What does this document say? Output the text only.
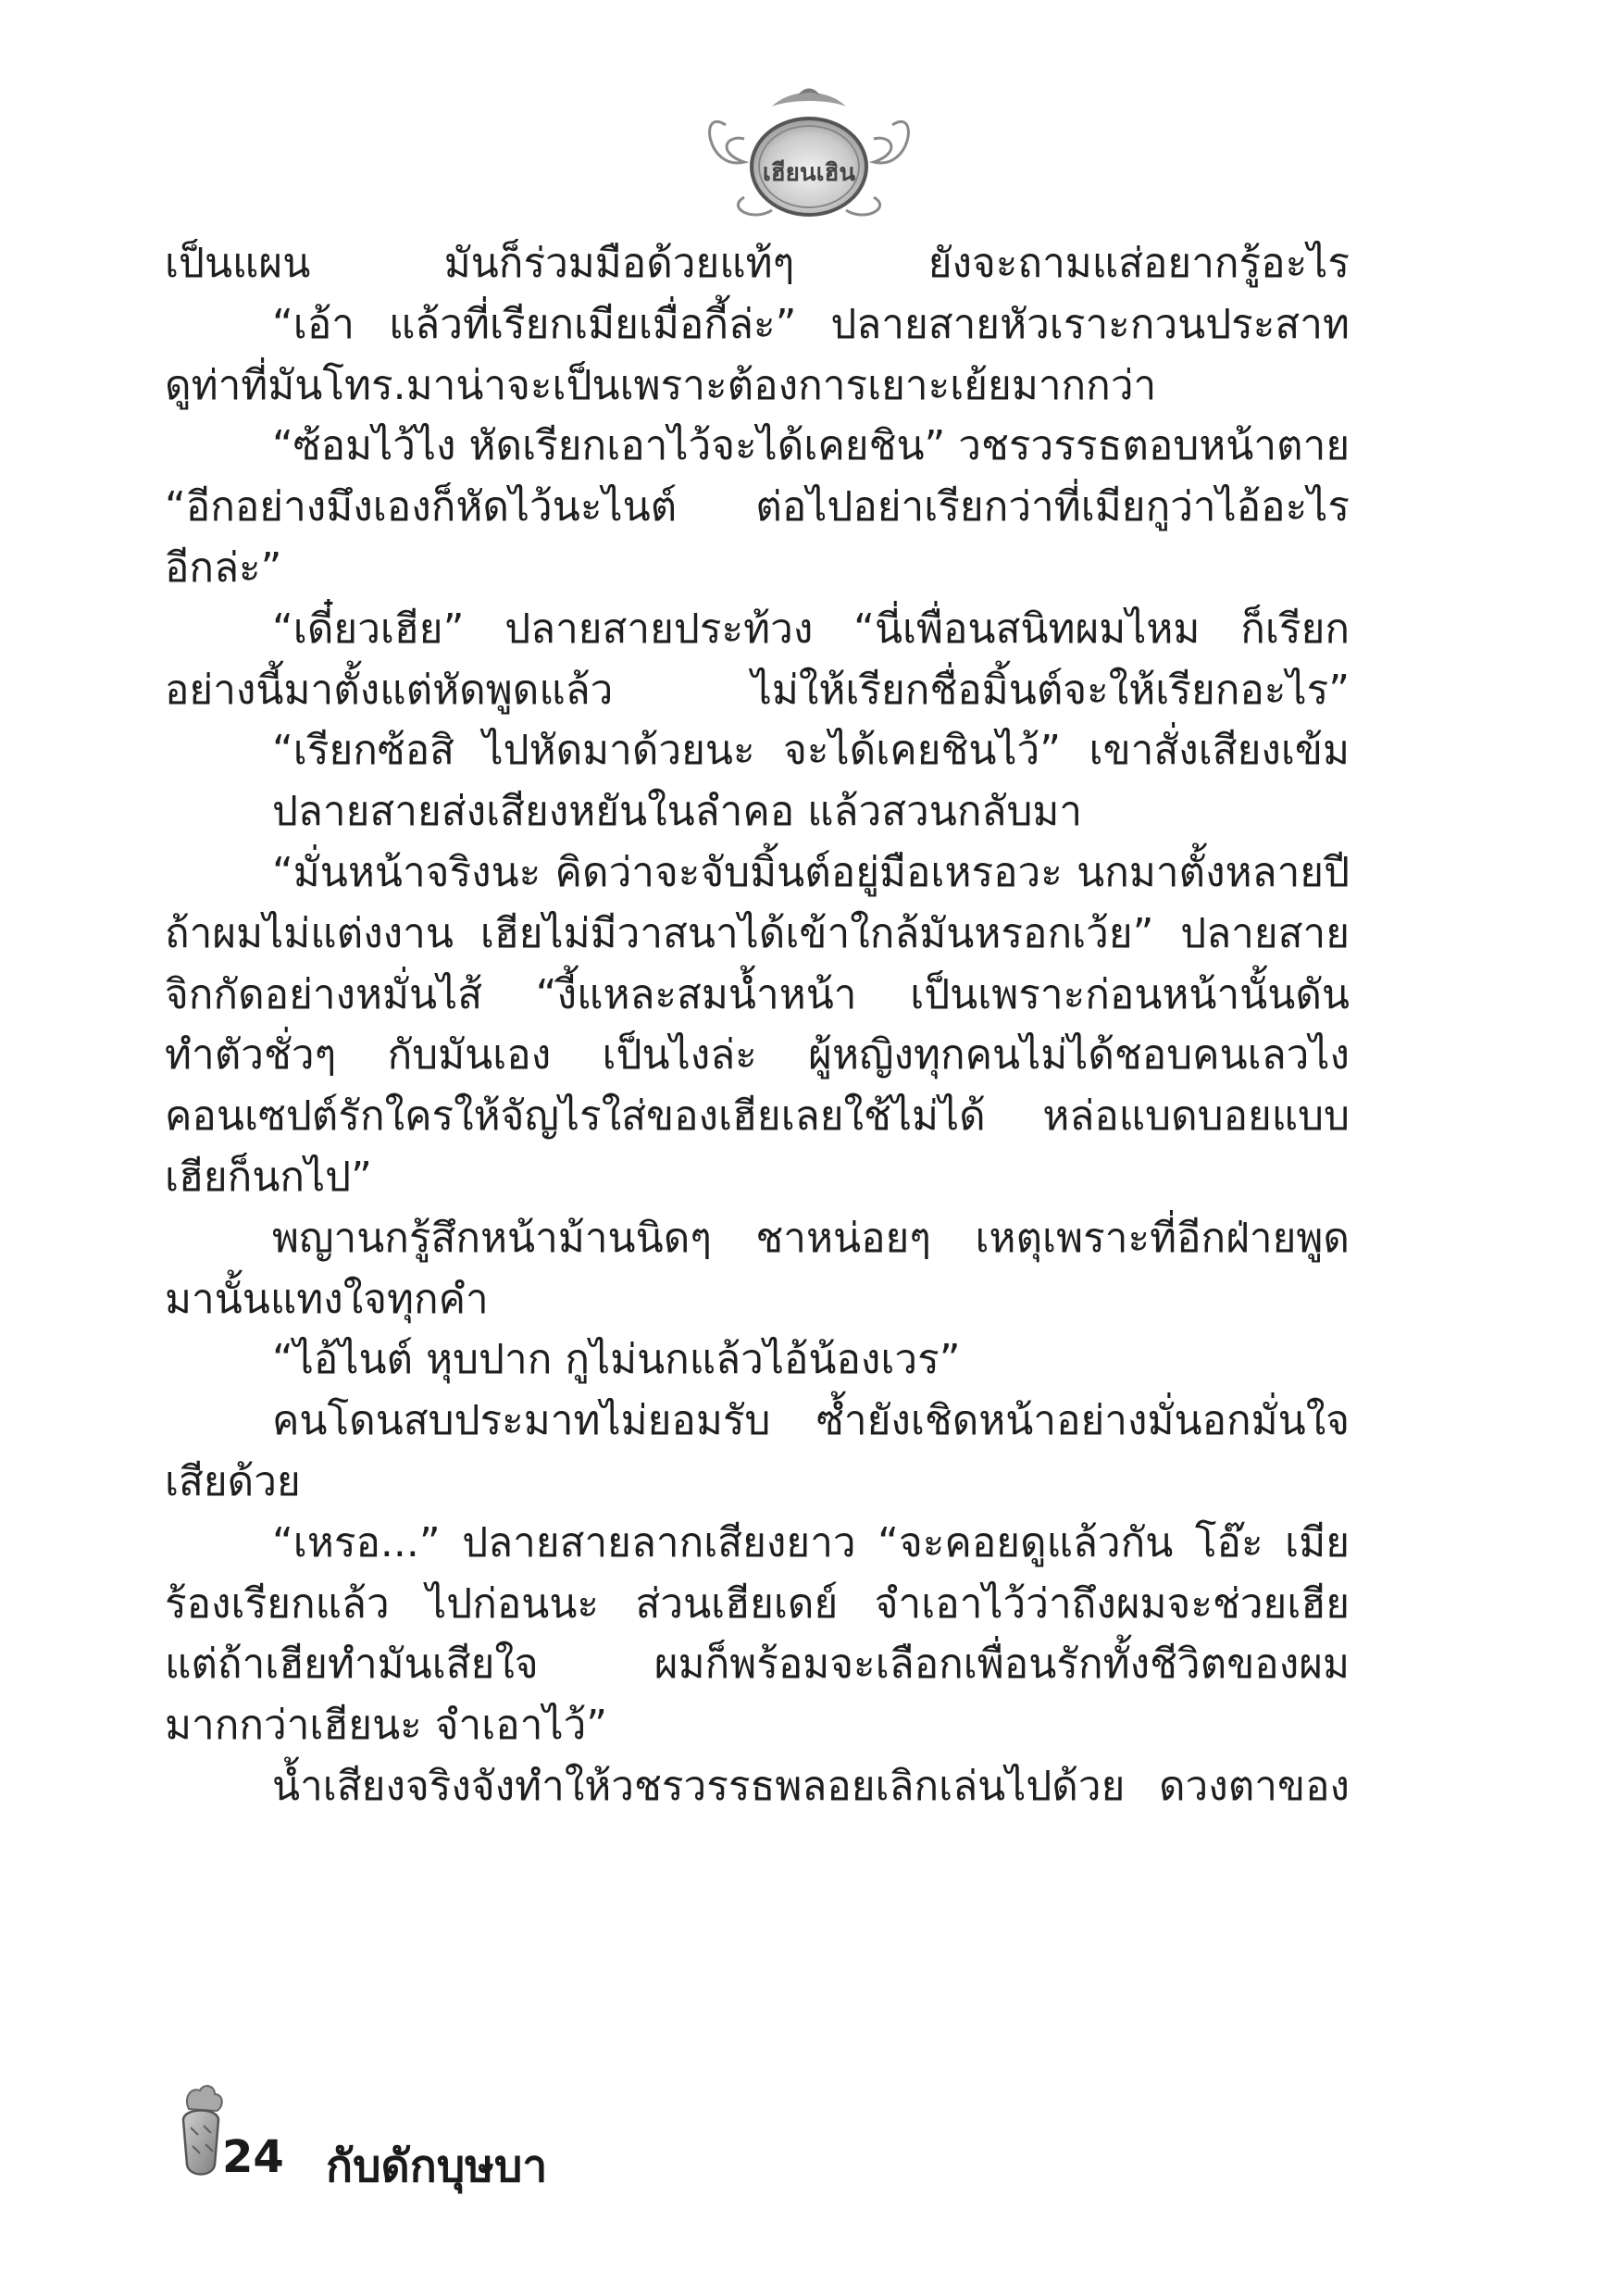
เฮียนเฮิน
เป็นแผน มันก็ร่วมมือด้วยแท้ๆ ยังจะถามแส่อยากรู้อะไร
“เอ้า แล้วที่เรียกเมียเมื่อกี้ล่ะ” ปลายสายหัวเราะกวนประสาท
ดูท่าที่มันโทร.มาน่าจะเป็นเพราะต้องการเยาะเย้ยมากกว่า
“ซ้อมไว้ไง หัดเรียกเอาไว้จะได้เคยชิน” วชรวรรธตอบหน้าตาย
“อีกอย่างมึงเองก็หัดไว้นะไนต์ ต่อไปอย่าเรียกว่าที่เมียกูว่าไอ้อะไร
อีกล่ะ”
“เดี๋ยวเฮีย” ปลายสายประท้วง “นี่เพื่อนสนิทผมไหม ก็เรียก
อย่างนี้มาตั้งแต่หัดพูดแล้ว ไม่ให้เรียกชื่อมิ้นต์จะให้เรียกอะไร”
“เรียกซ้อสิ ไปหัดมาด้วยนะ จะได้เคยชินไว้” เขาสั่งเสียงเข้ม
ปลายสายส่งเสียงหยันในลำคอ แล้วสวนกลับมา
“มั่นหน้าจริงนะ คิดว่าจะจับมิ้นต์อยู่มือเหรอวะ นกมาตั้งหลายปี
ถ้าผมไม่แต่งงาน เฮียไม่มีวาสนาได้เข้าใกล้มันหรอกเว้ย” ปลายสาย
จิกกัดอย่างหมั่นไส้ “งี้แหละสมน้ำหน้า เป็นเพราะก่อนหน้านั้นดัน
ทำตัวชั่วๆ กับมันเอง เป็นไงล่ะ ผู้หญิงทุกคนไม่ได้ชอบคนเลวไง
คอนเซปต์รักใครให้จัญไรใส่ของเฮียเลยใช้ไม่ได้ หล่อแบดบอยแบบ
เฮียก็นกไป”
พญานกรู้สึกหน้าม้านนิดๆ ชาหน่อยๆ เหตุเพราะที่อีกฝ่ายพูด
มานั้นแทงใจทุกคำ
“ไอ้ไนต์ หุบปาก กูไม่นกแล้วไอ้น้องเวร”
คนโดนสบประมาทไม่ยอมรับ ซ้ำยังเชิดหน้าอย่างมั่นอกมั่นใจ
เสียด้วย
“เหรอ...” ปลายสายลากเสียงยาว “จะคอยดูแล้วกัน โอ๊ะ เมีย
ร้องเรียกแล้ว ไปก่อนนะ ส่วนเฮียเดย์ จำเอาไว้ว่าถึงผมจะช่วยเฮีย
แต่ถ้าเฮียทำมันเสียใจ ผมก็พร้อมจะเลือกเพื่อนรักทั้งชีวิตของผม
มากกว่าเฮียนะ จำเอาไว้”
น้ำเสียงจริงจังทำให้วชรวรรธพลอยเลิกเล่นไปด้วย ดวงตาของ
24 กับดักบุษบา
